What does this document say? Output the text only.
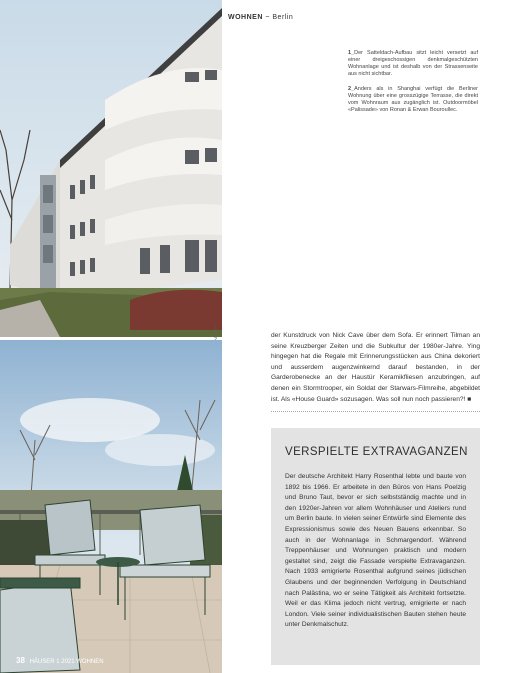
1
WOHNEN ~ Berlin

1_Der Satteldach-Aufbau sitzt leicht versetzt auf einer dreigeschossigen denkmalgeschützten Wohnanlage und ist deshalb von der Strassenseite aus nicht sichtbar.

2_Anders als in Shanghai verfügt die Berliner Wohnung über eine grosszügige Terrasse, die direkt vom Wohnraum aus zugänglich ist. Outdoormöbel «Palissade» von Ronan & Erwan Bouroullec.

der Kunstdruck von Nick Cave über dem Sofa. Er erinnert Tilman an seine Kreuzberger Zeiten und die Subkultur der 1980er-Jahre. Ying hingegen hat die Regale mit Erinnerungsstücken aus China dekoriert und ausserdem augenzwinkernd darauf bestanden, in der Garderobenecke an der Haustür Keramikfliesen anzubringen, auf denen ein Stormtrooper, ein Soldat der Starwars-Filmreihe, abgebildet ist. Als «House Guard» sozusagen. Was soll nun noch passieren?! ■

VERSPIELTE EXTRAVAGANZEN

Der deutsche Architekt Harry Rosenthal lebte und baute von 1892 bis 1966. Er arbeitete in den Büros von Hans Poelzig und Bruno Taut, bevor er sich selbstständig machte und in den 1920er-Jahren vor allem Wohnhäuser und Ateliers rund um Berlin baute. In vielen seiner Entwürfe sind Elemente des Expressionismus sowie des Neuen Bauens erkennbar. So auch in der Wohnanlage in Schmargendorf. Während Treppenhäuser und Wohnungen praktisch und modern gestaltet sind, zeigt die Fassade verspielte Extravaganzen. Nach 1933 emigrierte Rosenthal aufgrund seines jüdischen Glaubens und der beginnenden Verfolgung in Deutschland nach Palästina, wo er seine Tätigkeit als Architekt fortsetzte. Weil er das Klima jedoch nicht vertrug, emigrierte er nach London. Viele seiner individualistischen Bauten stehen heute unter Denkmalschutz.

38 HÄUSER 1 2021 WOHNEN
